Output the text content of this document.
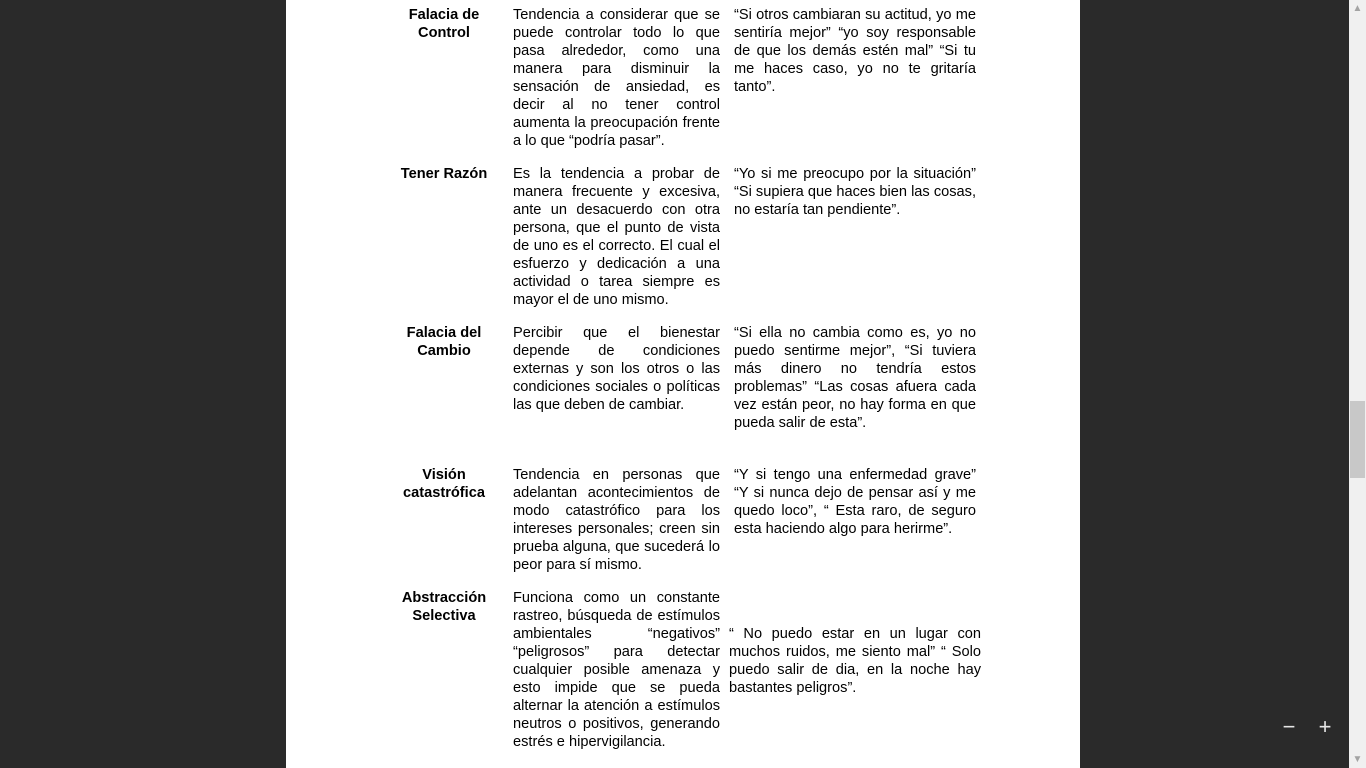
Falacia de Control
Tendencia a considerar que se puede controlar todo lo que pasa alrededor, como una manera para disminuir la sensación de ansiedad, es decir al no tener control aumenta la preocupación frente a lo que “podría pasar”.
“Si otros cambiaran su actitud, yo me sentiría mejor” “yo soy responsable de que los demás estén mal” “Si tu me haces caso, yo no te gritaría tanto”.
Tener Razón	Es la tendencia a probar de manera frecuente y excesiva, ante un desacuerdo con otra persona, que el punto de vista de uno es el correcto. El cual el esfuerzo y dedicación a una actividad o tarea siempre es mayor el de uno mismo.
“Yo si me preocupo por la situación” “Si supiera que haces bien las cosas, no estaría tan pendiente”.
Falacia del Cambio
Percibir que el bienestar depende de condiciones externas y son los otros o las condiciones sociales o políticas las que deben de cambiar.
“Si ella no cambia como es, yo no puedo sentirme mejor”, “Si tuviera más dinero no tendría estos problemas” “Las cosas afuera cada vez están peor, no hay forma en que pueda salir de esta”.
Visión catastrófica
Tendencia en personas que adelantan acontecimientos de modo catastrófico para los intereses personales; creen sin prueba alguna, que sucederá lo peor para sí mismo.
“Y si tengo una enfermedad grave” “Y si nunca dejo de pensar así y me quedo loco”, “ Esta raro, de seguro esta haciendo algo para herirme”.
Abstracción Selectiva
Funciona como un constante rastreo, búsqueda de estímulos ambientales “negativos” “peligrosos” para detectar cualquier posible amenaza y esto impide que se pueda alternar la atención a estímulos neutros o positivos, generando estrés e hipervigilancia.
“ No puedo estar en un lugar con muchos ruidos, me siento mal” “ Solo puedo salir de dia, en la noche hay bastantes peligros”.
− +
▲
▼
